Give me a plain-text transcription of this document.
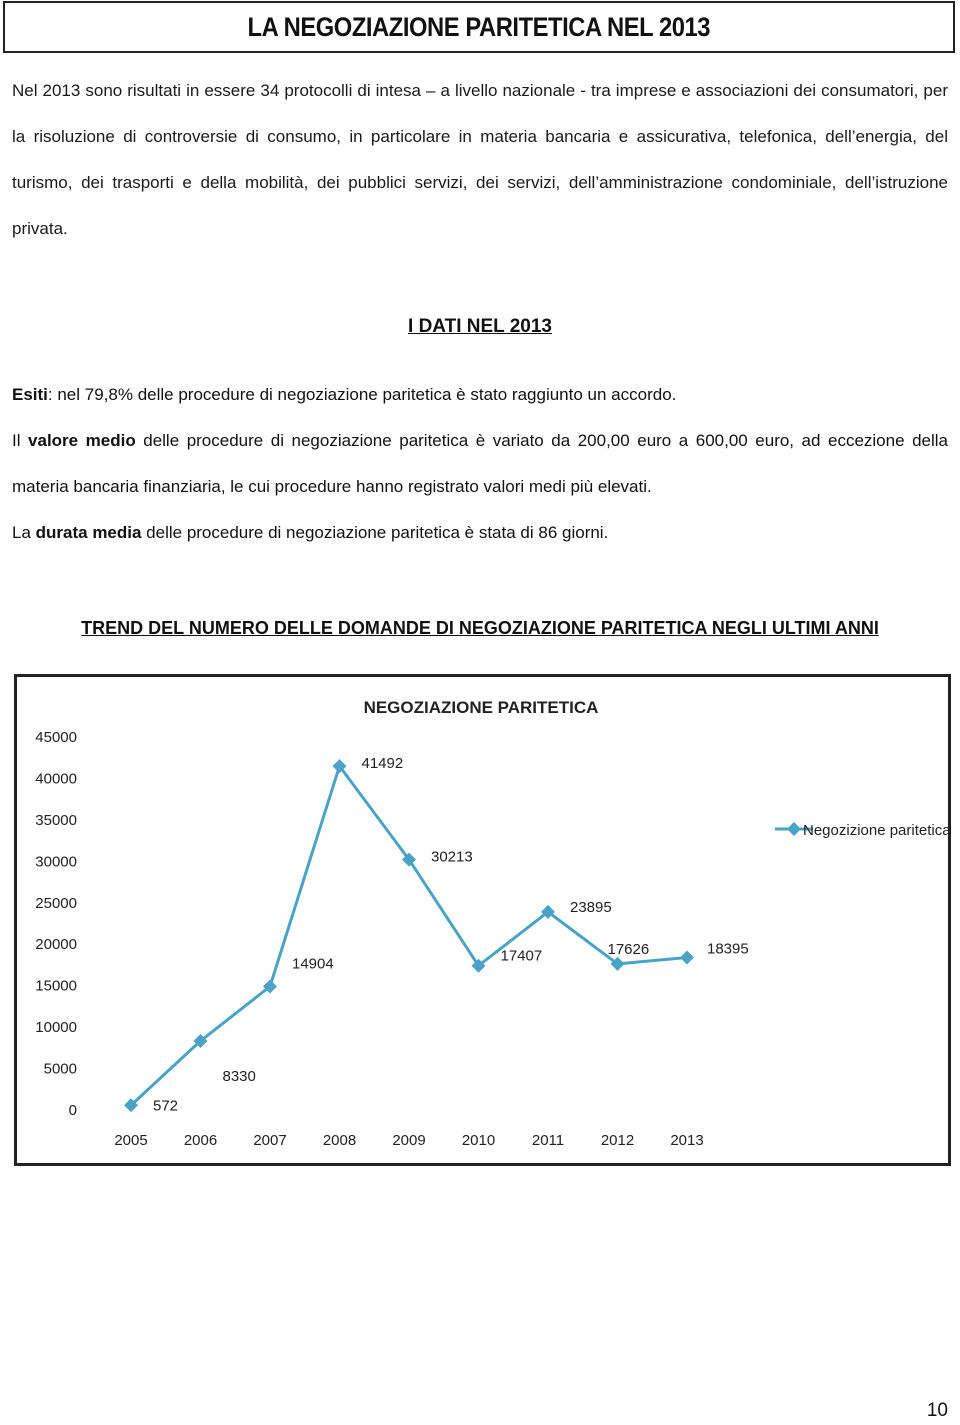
LA NEGOZIAZIONE PARITETICA NEL 2013

Nel 2013 sono risultati in essere 34 protocolli di intesa – a livello nazionale - tra imprese e associazioni dei consumatori, per la risoluzione di controversie di consumo, in particolare in materia bancaria e assicurativa, telefonica, dell’energia, del turismo, dei trasporti e della mobilità, dei pubblici servizi, dei servizi, dell’amministrazione condominiale, dell’istruzione privata.

I DATI NEL 2013

Esiti: nel 79,8% delle procedure di negoziazione paritetica è stato raggiunto un accordo.

Il valore medio delle procedure di negoziazione paritetica è variato da 200,00 euro a 600,00 euro, ad eccezione della materia bancaria finanziaria, le cui procedure hanno registrato valori medi più elevati.

La durata media delle procedure di negoziazione paritetica è stata di 86 giorni.

TREND DEL NUMERO DELLE DOMANDE DI NEGOZIAZIONE PARITETICA NEGLI ULTIMI ANNI
NEGOZIAZIONE PARITETICA
0
5000
10000
15000
20000
25000
30000
35000
40000
45000
2005 2006 2007 2008 2009 2010 2011 2012 2013
572
8330
14904
41492
30213
17407
23895
17626	18395
Negozizione paritetica
10
